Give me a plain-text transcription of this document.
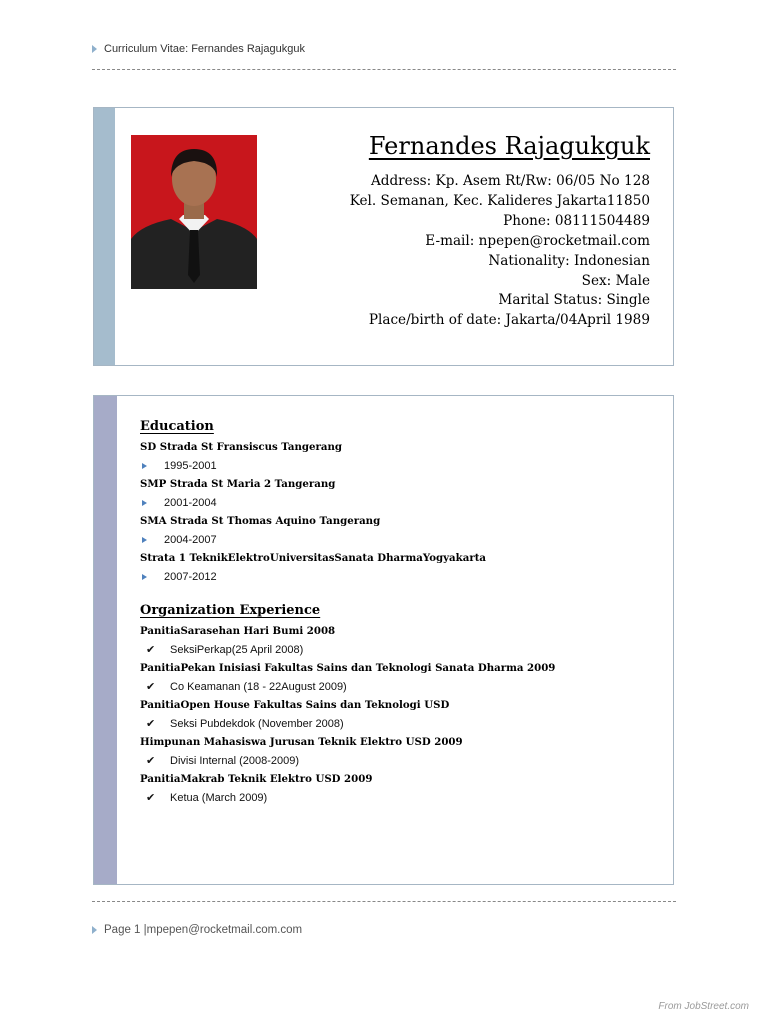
Curriculum Vitae: Fernandes Rajagukguk
Fernandes Rajagukguk
Address: Kp. Asem Rt/Rw: 06/05 No 128
Kel. Semanan, Kec. Kalideres Jakarta11850
Phone: 08111504489
E-mail: npepen@rocketmail.com
Nationality: Indonesian
Sex: Male
Marital Status: Single
Place/birth of date: Jakarta/04April 1989
Education
SD Strada St Fransiscus Tangerang
1995-2001
SMP Strada St Maria 2 Tangerang
2001-2004
SMA Strada St Thomas Aquino Tangerang
2004-2007
Strata 1 TeknikElektroUniversitasSanata DharmaYogyakarta
2007-2012
Organization Experience
PanitiaSarasehan Hari Bumi 2008
✔ SeksiPerkap(25 April 2008)
PanitiaPekan Inisiasi Fakultas Sains dan Teknologi Sanata Dharma 2009
✔ Co Keamanan (18 - 22August 2009)
PanitiaOpen House Fakultas Sains dan Teknologi USD
✔ Seksi Pubdekdok (November 2008)
Himpunan Mahasiswa Jurusan Teknik Elektro USD 2009
✔ Divisi Internal (2008-2009)
PanitiaMakrab Teknik Elektro USD 2009
✔ Ketua (March 2009)
Page 1 |mpepen@rocketmail.com.com
From JobStreet.com
